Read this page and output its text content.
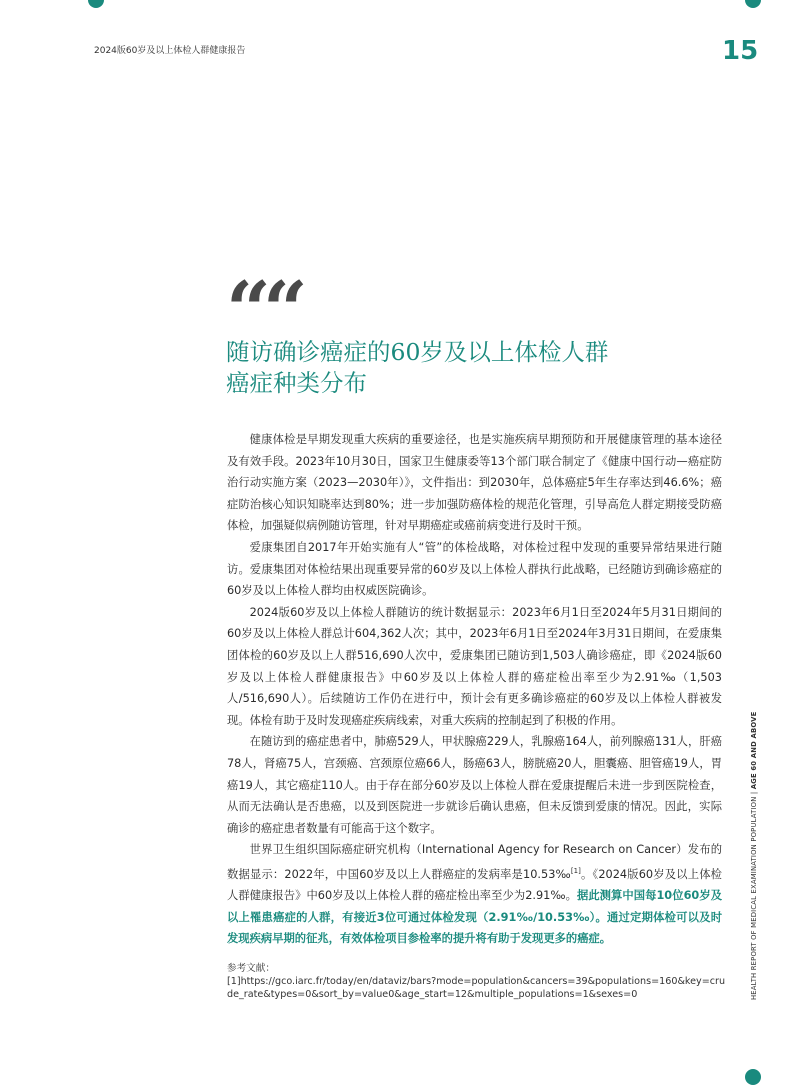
2024版60岁及以上体检人群健康报告	15
““
随访确诊癌症的60岁及以上体检人群
癌症种类分布

健康体检是早期发现重大疾病的重要途径，也是实施疾病早期预防和开展健康管理的基本途径及有效手段。2023年10月30日，国家卫生健康委等13个部门联合制定了《健康中国行动—癌症防治行动实施方案（2023—2030年）》，文件指出：到2030年，总体癌症5年生存率达到46.6%；癌症防治核心知识知晓率达到80%；进一步加强防癌体检的规范化管理，引导高危人群定期接受防癌体检，加强疑似病例随访管理，针对早期癌症或癌前病变进行及时干预。

爱康集团自2017年开始实施有人“管”的体检战略，对体检过程中发现的重要异常结果进行随访。爱康集团对体检结果出现重要异常的60岁及以上体检人群执行此战略，已经随访到确诊癌症的60岁及以上体检人群均由权威医院确诊。

2024版60岁及以上体检人群随访的统计数据显示：2023年6月1日至2024年5月31日期间的60岁及以上体检人群总计604,362人次；其中，2023年6月1日至2024年3月31日期间，在爱康集团体检的60岁及以上人群516,690人次中，爱康集团已随访到1,503人确诊癌症，即《2024版60岁及以上体检人群健康报告》中60岁及以上体检人群的癌症检出率至少为2.91‰（1,503人/516,690人）。后续随访工作仍在进行中，预计会有更多确诊癌症的60岁及以上体检人群被发现。体检有助于及时发现癌症疾病线索，对重大疾病的控制起到了积极的作用。

在随访到的癌症患者中，肺癌529人，甲状腺癌229人，乳腺癌164人，前列腺癌131人，肝癌78人，肾癌75人，宫颈癌、宫颈原位癌66人，肠癌63人，膀胱癌20人，胆囊癌、胆管癌19人，胃癌19人，其它癌症110人。由于存在部分60岁及以上体检人群在爱康提醒后未进一步到医院检查，从而无法确认是否患癌，以及到医院进一步就诊后确认患癌，但未反馈到爱康的情况。因此，实际确诊的癌症患者数量有可能高于这个数字。

世界卫生组织国际癌症研究机构（International Agency for Research on Cancer）发布的数据显示：2022年，中国60岁及以上人群癌症的发病率是10.53‰[1]。《2024版60岁及以上体检人群健康报告》中60岁及以上体检人群的癌症检出率至少为2.91‰。据此测算中国每10位60岁及以上罹患癌症的人群，有接近3位可通过体检发现（2.91‰/10.53‰）。通过定期体检可以及时发现疾病早期的征兆，有效体检项目参检率的提升将有助于发现更多的癌症。

参考文献：

[1]https://gco.iarc.fr/today/en/dataviz/bars?mode=population&cancers=39&populations=160&key=crude_rate&types=0&sort_by=value0&age_start=12&multiple_populations=1&sexes=0	HEALTH REPORT OF MEDICAL EXAMINATION POPULATION | AGE 60 AND ABOVE
